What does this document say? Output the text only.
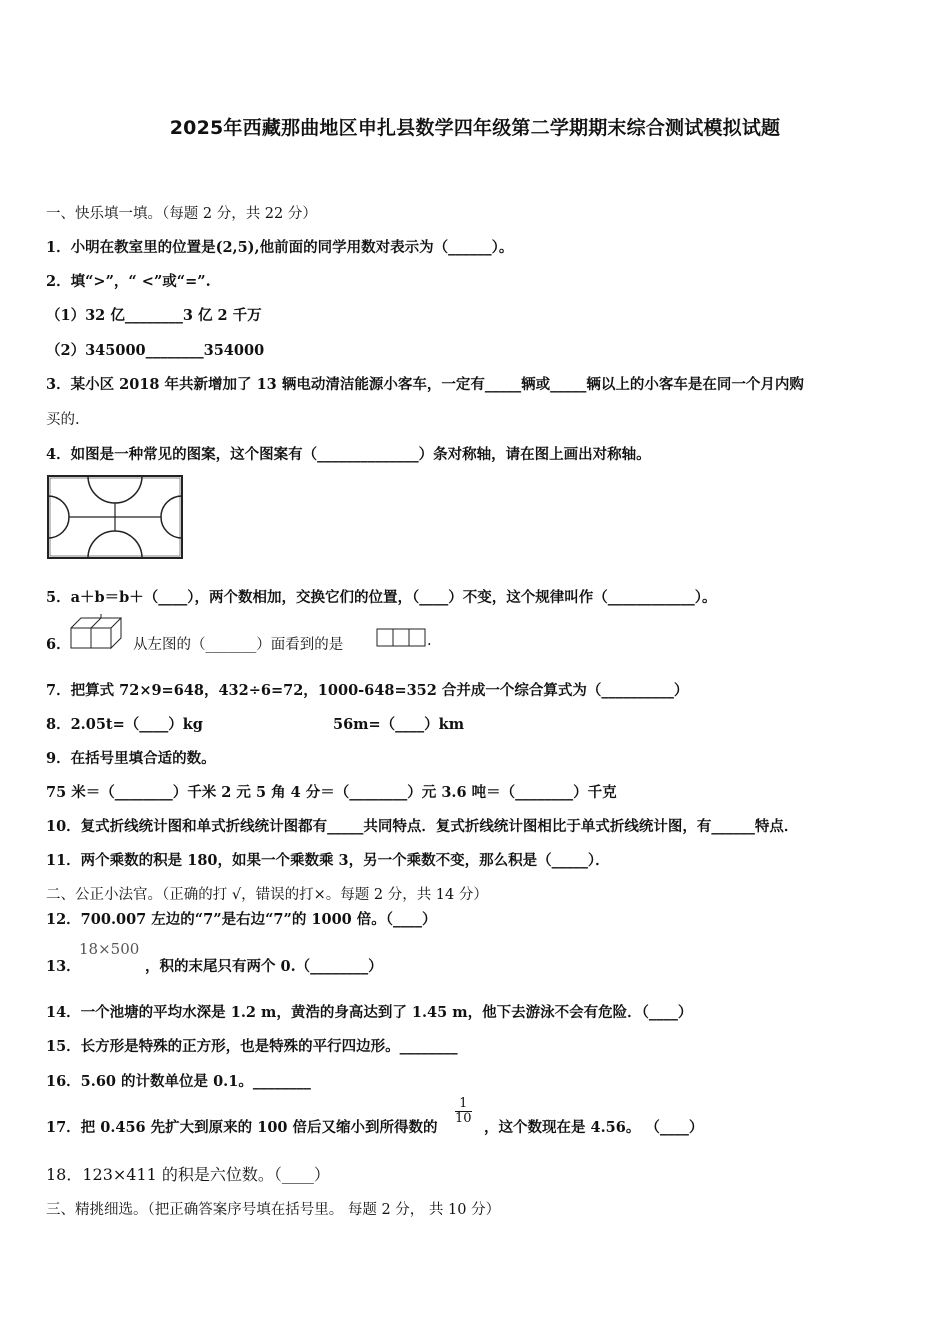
2025年西藏那曲地区申扎县数学四年级第二学期期末综合测试模拟试题
一、快乐填一填。（每题 2 分，共 22 分）
1．小明在教室里的位置是(2,5),他前面的同学用数对表示为（______）。
2．填“>”，“ <”或“=”.
（1）32 亿________3 亿 2 千万
（2）345000________354000
3．某小区 2018 年共新增加了 13 辆电动清洁能源小客车，一定有_____辆或_____辆以上的小客车是在同一个月内购
买的.
4．如图是一种常见的图案，这个图案有（______________）条对称轴，请在图上画出对称轴。
5．a＋b＝b＋（____），两个数相加，交换它们的位置，（____）不变，这个规律叫作（____________）。
6．	从左图的（_______）面看到的是	.
7．把算式 72×9=648，432÷6=72，1000-648=352 合并成一个综合算式为（__________）
8．2.05t=（____）kg	56m=（____）km
9．在括号里填合适的数。
75 米＝（________）千米 2 元 5 角 4 分＝（________）元 3.6 吨＝（________）千克
10．复式折线统计图和单式折线统计图都有_____共同特点．复式折线统计图相比于单式折线统计图，有______特点．
11．两个乘数的积是 180，如果一个乘数乘 3，另一个乘数不变，那么积是（_____）．
二、公正小法官。（正确的打 √，错误的打×。每题 2 分，共 14 分）
12．700.007 左边的“7”是右边“7”的 1000 倍。（____）
13．
18×500
，积的末尾只有两个 0.（________）
14．一个池塘的平均水深是 1.2 m，黄浩的身高达到了 1.45 m，他下去游泳不会有危险．（____）
15．长方形是特殊的正方形，也是特殊的平行四边形。________
16．5.60 的计数单位是 0.1。________
17．把 0.456 先扩大到原来的 100 倍后又缩小到所得数的
$\frac{1}{10}$
，这个数现在是 4.56。 （____）
18．123×411 的积是六位数。（____）
三、精挑细选。（把正确答案序号填在括号里。 每题 2 分， 共 10 分）
